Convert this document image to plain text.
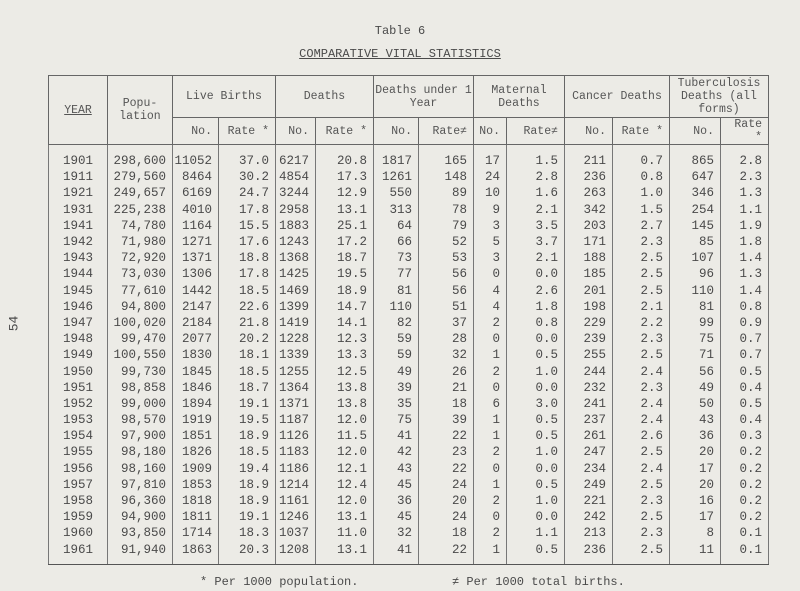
54
Table 6
COMPARATIVE VITAL STATISTICS
YEAR	Popu- lation	Live Births		Deaths		Deaths under 1 Year		Maternal Deaths		Cancer Deaths		Tuberculosis Deaths (all forms)	
		No.	Rate *	No.	Rate *	No.	Rate≠	No.	Rate≠	No.	Rate *	No.	Rate *
1901	298,600	11052	37.0	6217	20.8	1817	165	17	1.5	211	0.7	865	2.8
1911	279,560	8464	30.2	4854	17.3	1261	148	24	2.8	236	0.8	647	2.3
1921	249,657	6169	24.7	3244	12.9	550	89	10	1.6	263	1.0	346	1.3
1931	225,238	4010	17.8	2958	13.1	313	78	9	2.1	342	1.5	254	1.1
1941	74,780	1164	15.5	1883	25.1	64	79	3	3.5	203	2.7	145	1.9
1942	71,980	1271	17.6	1243	17.2	66	52	5	3.7	171	2.3	85	1.8
1943	72,920	1371	18.8	1368	18.7	73	53	3	2.1	188	2.5	107	1.4
1944	73,030	1306	17.8	1425	19.5	77	56	0	0.0	185	2.5	96	1.3
1945	77,610	1442	18.5	1469	18.9	81	56	4	2.6	201	2.5	110	1.4
1946	94,800	2147	22.6	1399	14.7	110	51	4	1.8	198	2.1	81	0.8
1947	100,020	2184	21.8	1419	14.1	82	37	2	0.8	229	2.2	99	0.9
1948	99,470	2077	20.2	1228	12.3	59	28	0	0.0	239	2.3	75	0.7
1949	100,550	1830	18.1	1339	13.3	59	32	1	0.5	255	2.5	71	0.7
1950	99,730	1845	18.5	1255	12.5	49	26	2	1.0	244	2.4	56	0.5
1951	98,858	1846	18.7	1364	13.8	39	21	0	0.0	232	2.3	49	0.4
1952	99,000	1894	19.1	1371	13.8	35	18	6	3.0	241	2.4	50	0.5
1953	98,570	1919	19.5	1187	12.0	75	39	1	0.5	237	2.4	43	0.4
1954	97,900	1851	18.9	1126	11.5	41	22	1	0.5	261	2.6	36	0.3
1955	98,180	1826	18.5	1183	12.0	42	23	2	1.0	247	2.5	20	0.2
1956	98,160	1909	19.4	1186	12.1	43	22	0	0.0	234	2.4	17	0.2
1957	97,810	1853	18.9	1214	12.4	45	24	1	0.5	249	2.5	20	0.2
1958	96,360	1818	18.9	1161	12.0	36	20	2	1.0	221	2.3	16	0.2
1959	94,900	1811	19.1	1246	13.1	45	24	0	0.0	242	2.5	17	0.2
1960	93,850	1714	18.3	1037	11.0	32	18	2	1.1	213	2.3	8	0.1
1961	91,940	1863	20.3	1208	13.1	41	22	1	0.5	236	2.5	11	0.1
* Per 1000 population.	≠ Per 1000 total births.
